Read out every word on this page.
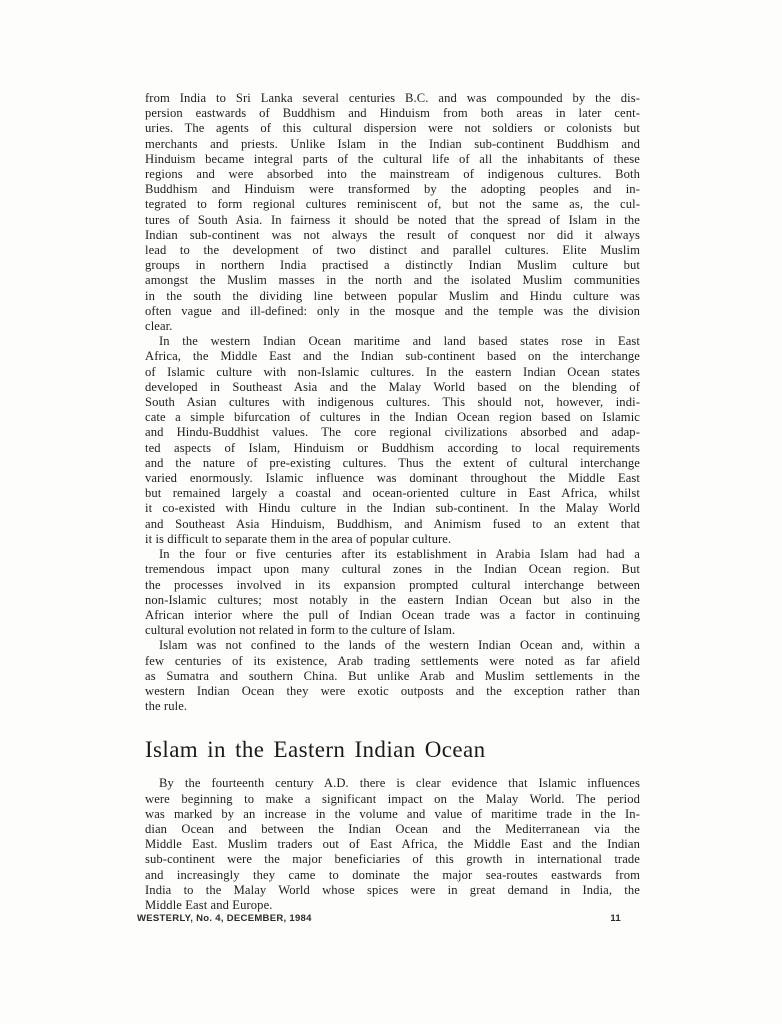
from India to Sri Lanka several centuries B.C. and was compounded by the dis-
persion eastwards of Buddhism and Hinduism from both areas in later cent-
uries. The agents of this cultural dispersion were not soldiers or colonists but
merchants and priests. Unlike Islam in the Indian sub-continent Buddhism and
Hinduism became integral parts of the cultural life of all the inhabitants of these
regions and were absorbed into the mainstream of indigenous cultures. Both
Buddhism and Hinduism were transformed by the adopting peoples and in-
tegrated to form regional cultures reminiscent of, but not the same as, the cul-
tures of South Asia. In fairness it should be noted that the spread of Islam in the
Indian sub-continent was not always the result of conquest nor did it always
lead to the development of two distinct and parallel cultures. Elite Muslim
groups in northern India practised a distinctly Indian Muslim culture but
amongst the Muslim masses in the north and the isolated Muslim communities
in the south the dividing line between popular Muslim and Hindu culture was
often vague and ill-defined: only in the mosque and the temple was the division
clear.
In the western Indian Ocean maritime and land based states rose in East
Africa, the Middle East and the Indian sub-continent based on the interchange
of Islamic culture with non-Islamic cultures. In the eastern Indian Ocean states
developed in Southeast Asia and the Malay World based on the blending of
South Asian cultures with indigenous cultures. This should not, however, indi-
cate a simple bifurcation of cultures in the Indian Ocean region based on Islamic
and Hindu-Buddhist values. The core regional civilizations absorbed and adap-
ted aspects of Islam, Hinduism or Buddhism according to local requirements
and the nature of pre-existing cultures. Thus the extent of cultural interchange
varied enormously. Islamic influence was dominant throughout the Middle East
but remained largely a coastal and ocean-oriented culture in East Africa, whilst
it co-existed with Hindu culture in the Indian sub-continent. In the Malay World
and Southeast Asia Hinduism, Buddhism, and Animism fused to an extent that
it is difficult to separate them in the area of popular culture.
In the four or five centuries after its establishment in Arabia Islam had had a
tremendous impact upon many cultural zones in the Indian Ocean region. But
the processes involved in its expansion prompted cultural interchange between
non-Islamic cultures; most notably in the eastern Indian Ocean but also in the
African interior where the pull of Indian Ocean trade was a factor in continuing
cultural evolution not related in form to the culture of Islam.
Islam was not confined to the lands of the western Indian Ocean and, within a
few centuries of its existence, Arab trading settlements were noted as far afield
as Sumatra and southern China. But unlike Arab and Muslim settlements in the
western Indian Ocean they were exotic outposts and the exception rather than
the rule.
Islam in the Eastern Indian Ocean
By the fourteenth century A.D. there is clear evidence that Islamic influences
were beginning to make a significant impact on the Malay World. The period
was marked by an increase in the volume and value of maritime trade in the In-
dian Ocean and between the Indian Ocean and the Mediterranean via the
Middle East. Muslim traders out of East Africa, the Middle East and the Indian
sub-continent were the major beneficiaries of this growth in international trade
and increasingly they came to dominate the major sea-routes eastwards from
India to the Malay World whose spices were in great demand in India, the
Middle East and Europe.
WESTERLY, No. 4, DECEMBER, 1984	11
